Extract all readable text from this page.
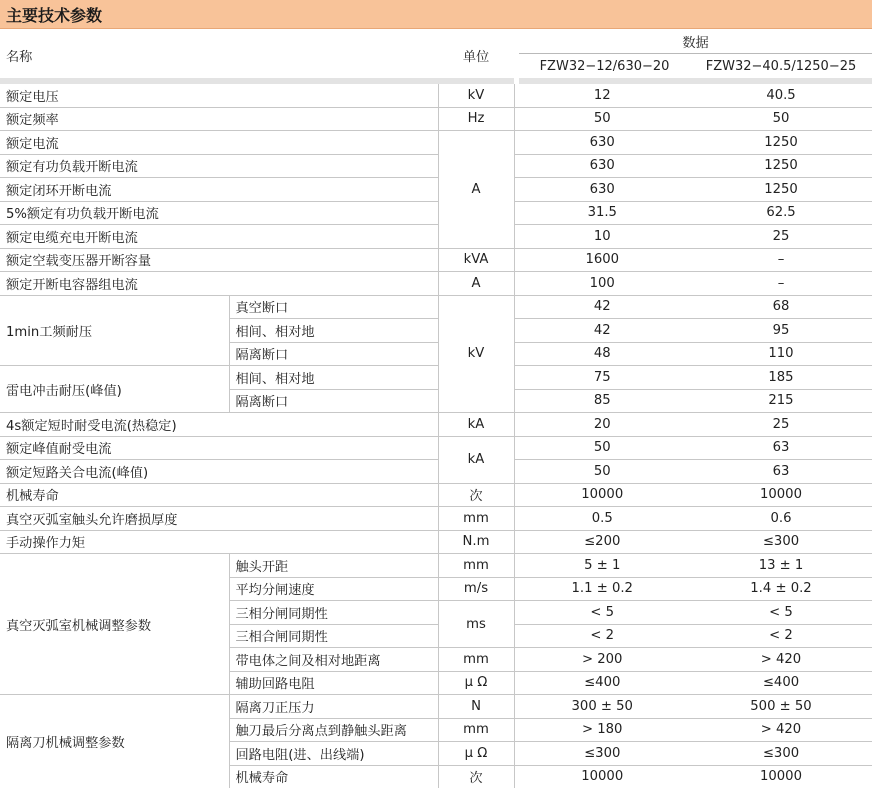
主要技术参数
名称		单位		数据	
				FZW32−12/630−20	FZW32−40.5/1250−25

额定电压		kV	12		40.5
额定频率		Hz	50		50
额定电流		A	630		1250
额定有功负载开断电流			630		1250
额定闭环开断电流			630		1250
5%额定有功负载开断电流			31.5		62.5
额定电缆充电开断电流			10		25
额定空载变压器开断容量		kVA	1600		–
额定开断电容器组电流		A	100		–
1min工频耐压	真空断口	kV	42		68
	相间、相对地		42		95
	隔离断口		48		110
雷电冲击耐压(峰值)	相间、相对地		75		185
	隔离断口		85		215
4s额定短时耐受电流(热稳定)		kA	20		25
额定峰值耐受电流		kA	50		63
额定短路关合电流(峰值)			50		63
机械寿命		次	10000		10000
真空灭弧室触头允许磨损厚度		mm	0.5		0.6
手动操作力矩		N.m	≤200		≤300
真空灭弧室机械调整参数	触头开距	mm	5 ± 1		13 ± 1
	平均分闸速度	m/s	1.1 ± 0.2		1.4 ± 0.2
	三相分闸同期性	ms	< 5		< 5
	三相合闸同期性		< 2		< 2
	带电体之间及相对地距离	mm	> 200		> 420
	辅助回路电阻	μ Ω	≤400		≤400
隔离刀机械调整参数	隔离刀正压力	N	300 ± 50		500 ± 50
	触刀最后分离点到静触头距离	mm	> 180		> 420
	回路电阻(进、出线端)	μ Ω	≤300		≤300
	机械寿命	次	10000		10000
